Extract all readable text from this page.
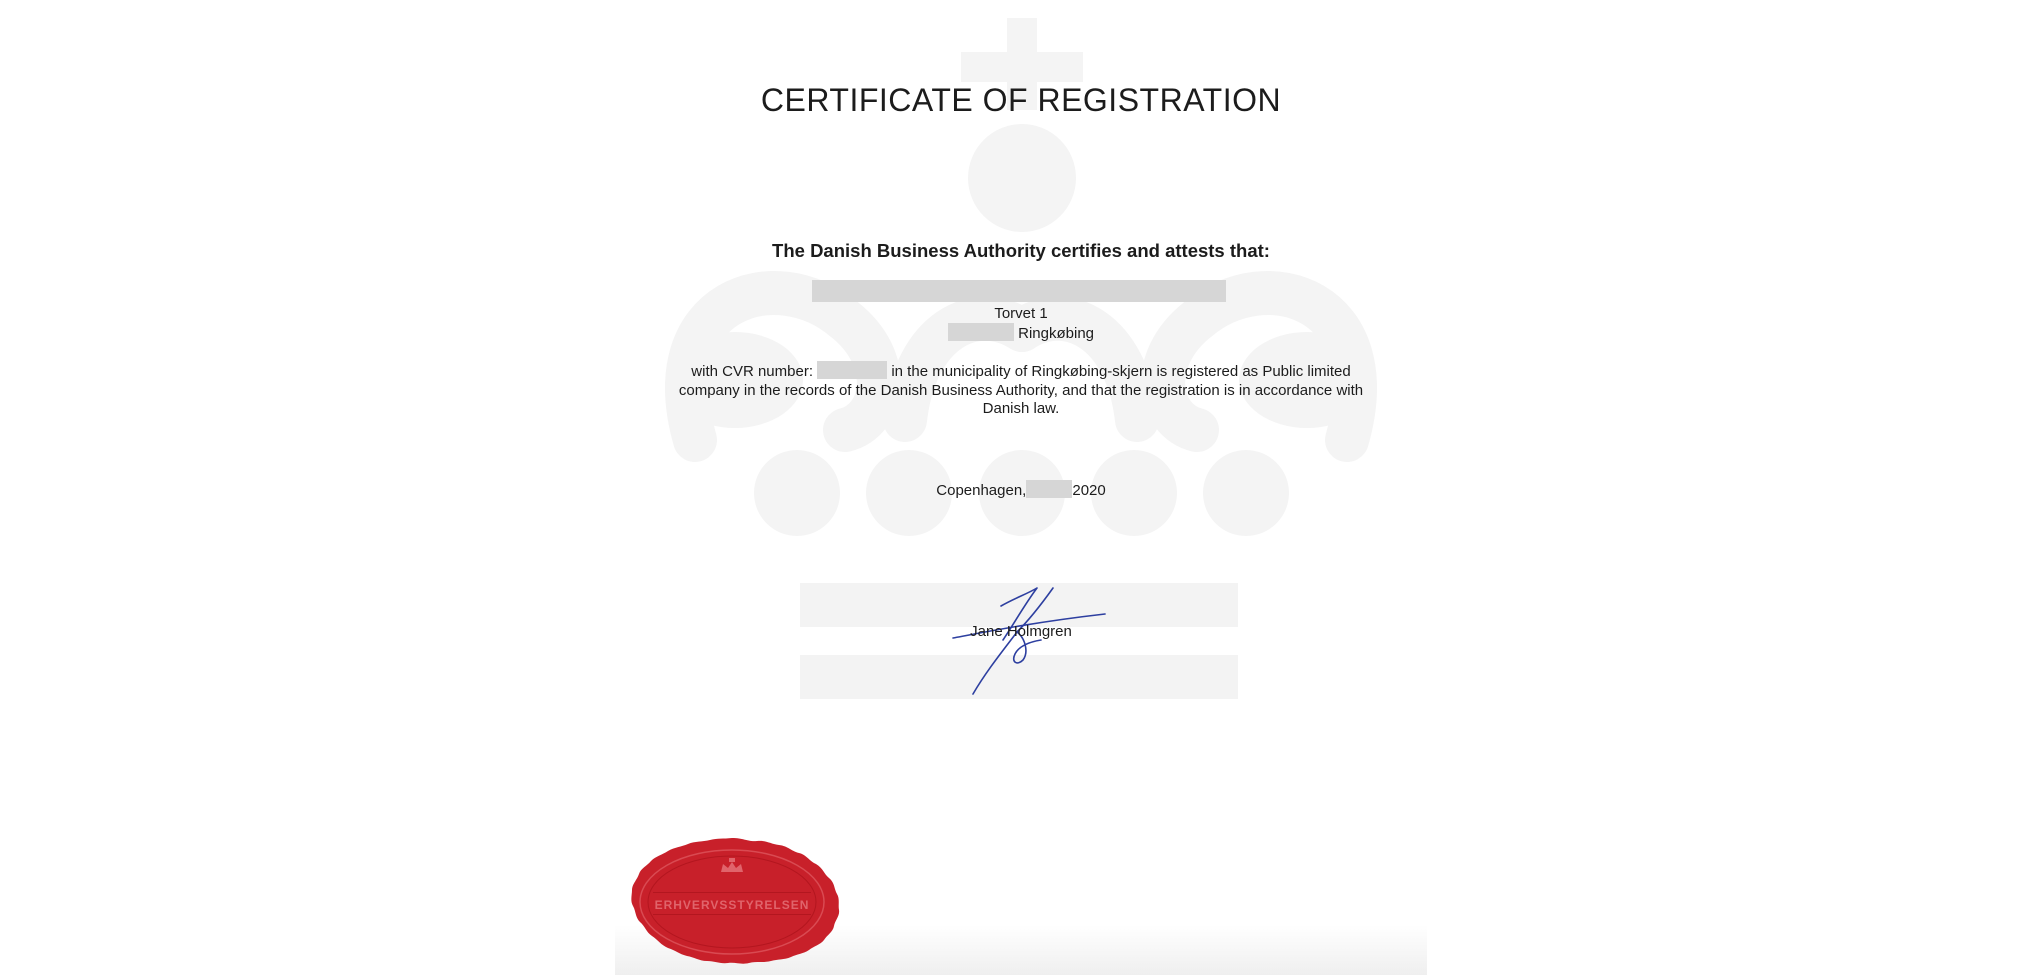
CERTIFICATE OF REGISTRATION
The Danish Business Authority certifies and attests that:
Torvet 1
Ringkøbing
with CVR number:	in the municipality of Ringkøbing-skjern is registered as Public limited company in the records of the Danish Business Authority, and that the registration is in accordance with Danish law.
Copenhagen,	2020
Jane Holmgren
ERHVERVSSTYRELSEN
